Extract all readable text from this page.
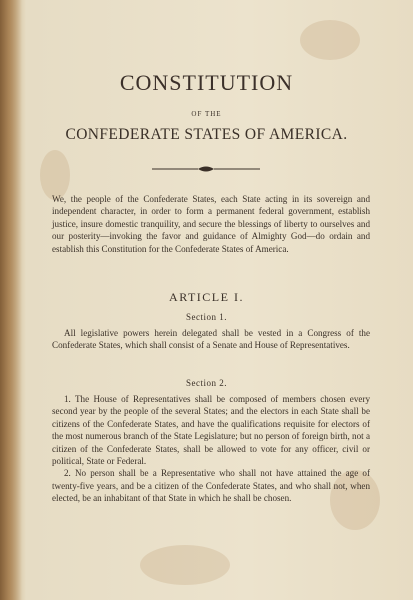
CONSTITUTION
OF THE
CONFEDERATE STATES OF AMERICA.
We, the people of the Confederate States, each State acting in its sovereign and independent character, in order to form a permanent federal government, establish justice, insure domestic tranquility, and secure the blessings of liberty to ourselves and our posterity—invoking the favor and guidance of Almighty God—do ordain and establish this Constitution for the Confederate States of America.
ARTICLE I.
Section 1.

All legislative powers herein delegated shall be vested in a Congress of the Confederate States, which shall consist of a Senate and House of Representatives.

Section 2.

1. The House of Representatives shall be composed of members chosen every second year by the people of the several States; and the electors in each State shall be citizens of the Confederate States, and have the qualifications requisite for electors of the most numerous branch of the State Legislature; but no person of foreign birth, not a citizen of the Confederate States, shall be allowed to vote for any officer, civil or political, State or Federal.

2. No person shall be a Representative who shall not have attained the age of twenty-five years, and be a citizen of the Confederate States, and who shall not, when elected, be an inhabitant of that State in which he shall be chosen.
